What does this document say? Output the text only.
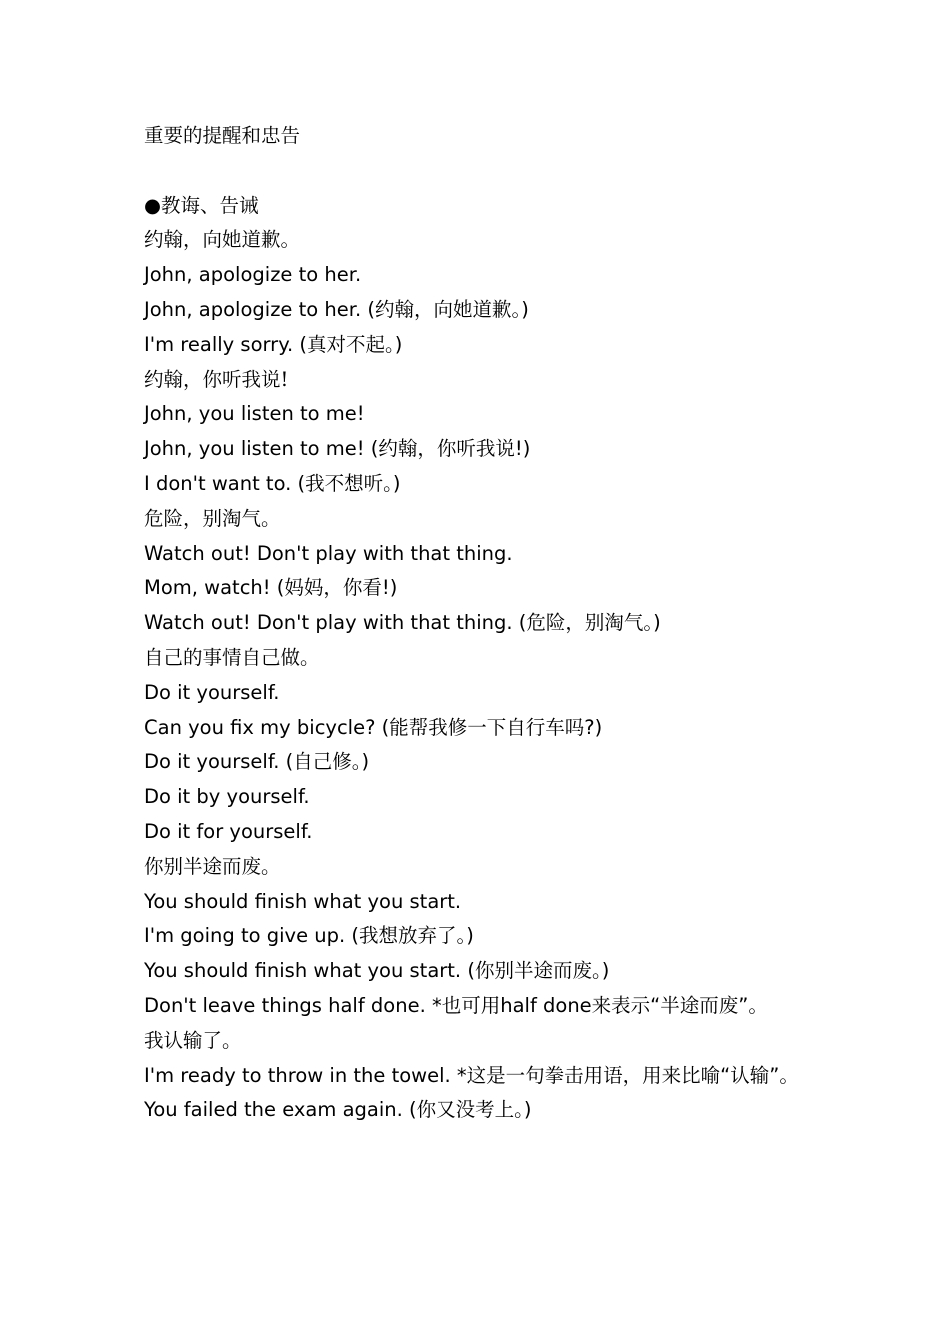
重要的提醒和忠告
●教诲、告诫
约翰，向她道歉。
John, apologize to her.
John, apologize to her. (约翰，向她道歉。)
I'm really sorry. (真对不起。)
约翰，你听我说!
John, you listen to me!
John, you listen to me! (约翰，你听我说!)
I don't want to. (我不想听。)
危险，别淘气。
Watch out! Don't play with that thing.
Mom, watch! (妈妈，你看!)
Watch out! Don't play with that thing. (危险，别淘气。)
自己的事情自己做。
Do it yourself.
Can you fix my bicycle? (能帮我修一下自行车吗?)
Do it yourself. (自己修。)
Do it by yourself.
Do it for yourself.
你别半途而废。
You should finish what you start.
I'm going to give up. (我想放弃了。)
You should finish what you start. (你别半途而废。)
Don't leave things half done. *也可用half done来表示“半途而废”。
我认输了。
I'm ready to throw in the towel. *这是一句拳击用语，用来比喻“认输”。
You failed the exam again. (你又没考上。)
